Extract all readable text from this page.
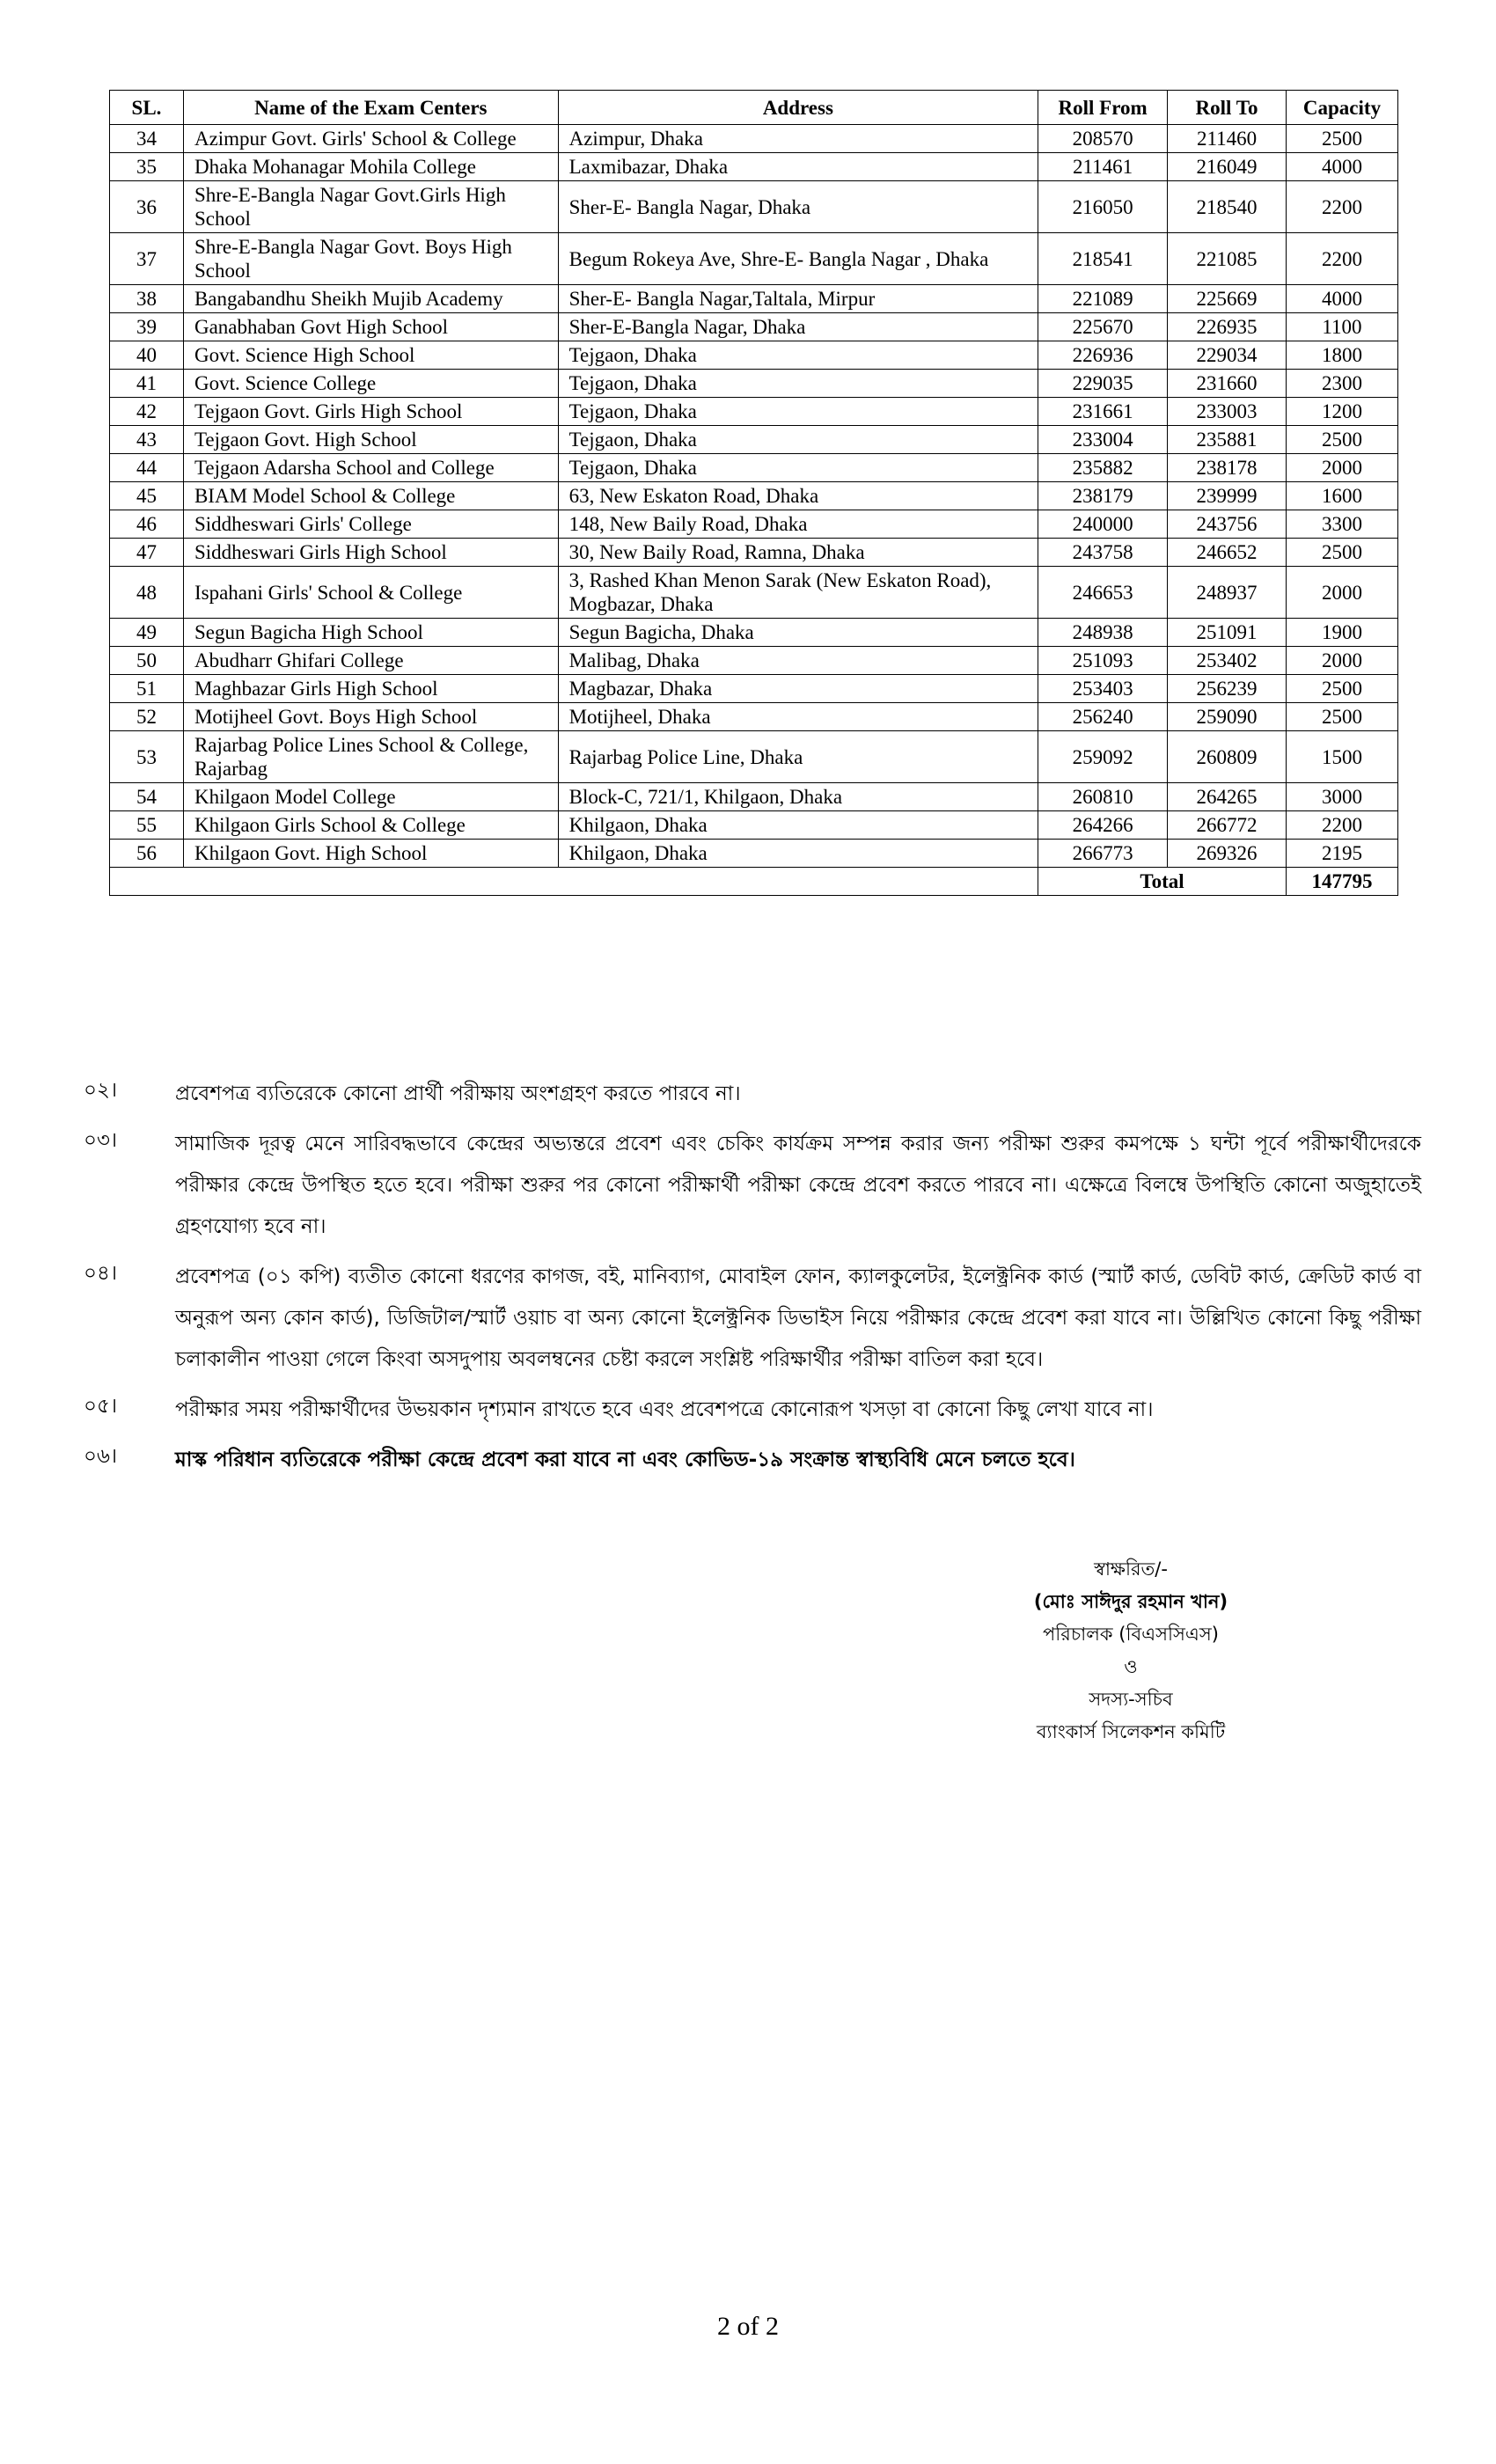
SL.	Name of the Exam Centers	Address	Roll From	Roll To	Capacity
34	Azimpur Govt. Girls' School & College	Azimpur, Dhaka	208570	211460	2500
35	Dhaka Mohanagar Mohila College	Laxmibazar, Dhaka	211461	216049	4000
36	Shre-E-Bangla Nagar Govt.Girls High School	Sher-E- Bangla Nagar, Dhaka	216050	218540	2200
37	Shre-E-Bangla Nagar Govt. Boys High School	Begum Rokeya Ave, Shre-E- Bangla Nagar , Dhaka	218541	221085	2200
38	Bangabandhu Sheikh Mujib Academy	Sher-E- Bangla Nagar,Taltala, Mirpur	221089	225669	4000
39	Ganabhaban Govt High School	Sher-E-Bangla Nagar, Dhaka	225670	226935	1100
40	Govt. Science High School	Tejgaon, Dhaka	226936	229034	1800
41	Govt. Science College	Tejgaon, Dhaka	229035	231660	2300
42	Tejgaon Govt. Girls High School	Tejgaon, Dhaka	231661	233003	1200
43	Tejgaon Govt. High School	Tejgaon, Dhaka	233004	235881	2500
44	Tejgaon Adarsha School and College	Tejgaon, Dhaka	235882	238178	2000
45	BIAM Model School & College	63, New Eskaton Road, Dhaka	238179	239999	1600
46	Siddheswari Girls' College	148, New Baily Road, Dhaka	240000	243756	3300
47	Siddheswari Girls High School	30, New Baily Road, Ramna, Dhaka	243758	246652	2500
48	Ispahani Girls' School & College	3, Rashed Khan Menon Sarak (New Eskaton Road), Mogbazar, Dhaka	246653	248937	2000
49	Segun Bagicha High School	Segun Bagicha, Dhaka	248938	251091	1900
50	Abudharr Ghifari College	Malibag, Dhaka	251093	253402	2000
51	Maghbazar Girls High School	Magbazar, Dhaka	253403	256239	2500
52	Motijheel Govt. Boys High School	Motijheel, Dhaka	256240	259090	2500
53	Rajarbag Police Lines School & College, Rajarbag	Rajarbag Police Line, Dhaka	259092	260809	1500
54	Khilgaon Model College	Block-C, 721/1, Khilgaon, Dhaka	260810	264265	3000
55	Khilgaon Girls School & College	Khilgaon, Dhaka	264266	266772	2200
56	Khilgaon Govt. High School	Khilgaon, Dhaka	266773	269326	2195
			Total		147795
০২।	প্রবেশপত্র ব্যতিরেকে কোনো প্রার্থী পরীক্ষায় অংশগ্রহণ করতে পারবে না।
০৩।	সামাজিক দূরত্ব মেনে সারিবদ্ধভাবে কেন্দ্রের অভ্যন্তরে প্রবেশ এবং চেকিং কার্যক্রম সম্পন্ন করার জন্য পরীক্ষা শুরুর কমপক্ষে ১ ঘন্টা পূর্বে পরীক্ষার্থীদেরকে পরীক্ষার কেন্দ্রে উপস্থিত হতে হবে। পরীক্ষা শুরুর পর কোনো পরীক্ষার্থী পরীক্ষা কেন্দ্রে প্রবেশ করতে পারবে না। এক্ষেত্রে বিলম্বে উপস্থিতি কোনো অজুহাতেই গ্রহণযোগ্য হবে না।
০৪।	প্রবেশপত্র (০১ কপি) ব্যতীত কোনো ধরণের কাগজ, বই, মানিব্যাগ, মোবাইল ফোন, ক্যালকুলেটর, ইলেক্ট্রনিক কার্ড (স্মার্ট কার্ড, ডেবিট কার্ড, ক্রেডিট কার্ড বা অনুরূপ অন্য কোন কার্ড), ডিজিটাল/স্মার্ট ওয়াচ বা অন্য কোনো ইলেক্ট্রনিক ডিভাইস নিয়ে পরীক্ষার কেন্দ্রে প্রবেশ করা যাবে না। উল্লিখিত কোনো কিছু পরীক্ষা চলাকালীন পাওয়া গেলে কিংবা অসদুপায় অবলম্বনের চেষ্টা করলে সংশ্লিষ্ট পরিক্ষার্থীর পরীক্ষা বাতিল করা হবে।
০৫।	পরীক্ষার সময় পরীক্ষার্থীদের উভয়কান দৃশ্যমান রাখতে হবে এবং প্রবেশপত্রে কোনোরূপ খসড়া বা কোনো কিছু লেখা যাবে না।
০৬।	মাস্ক পরিধান ব্যতিরেকে পরীক্ষা কেন্দ্রে প্রবেশ করা যাবে না এবং কোভিড-১৯ সংক্রান্ত স্বাস্থ্যবিধি মেনে চলতে হবে।
স্বাক্ষরিত/-
(মোঃ সাঈদুর রহমান খান)
পরিচালক (বিএসসিএস)
ও
সদস্য-সচিব
ব্যাংকার্স সিলেকশন কমিটি
2 of 2
